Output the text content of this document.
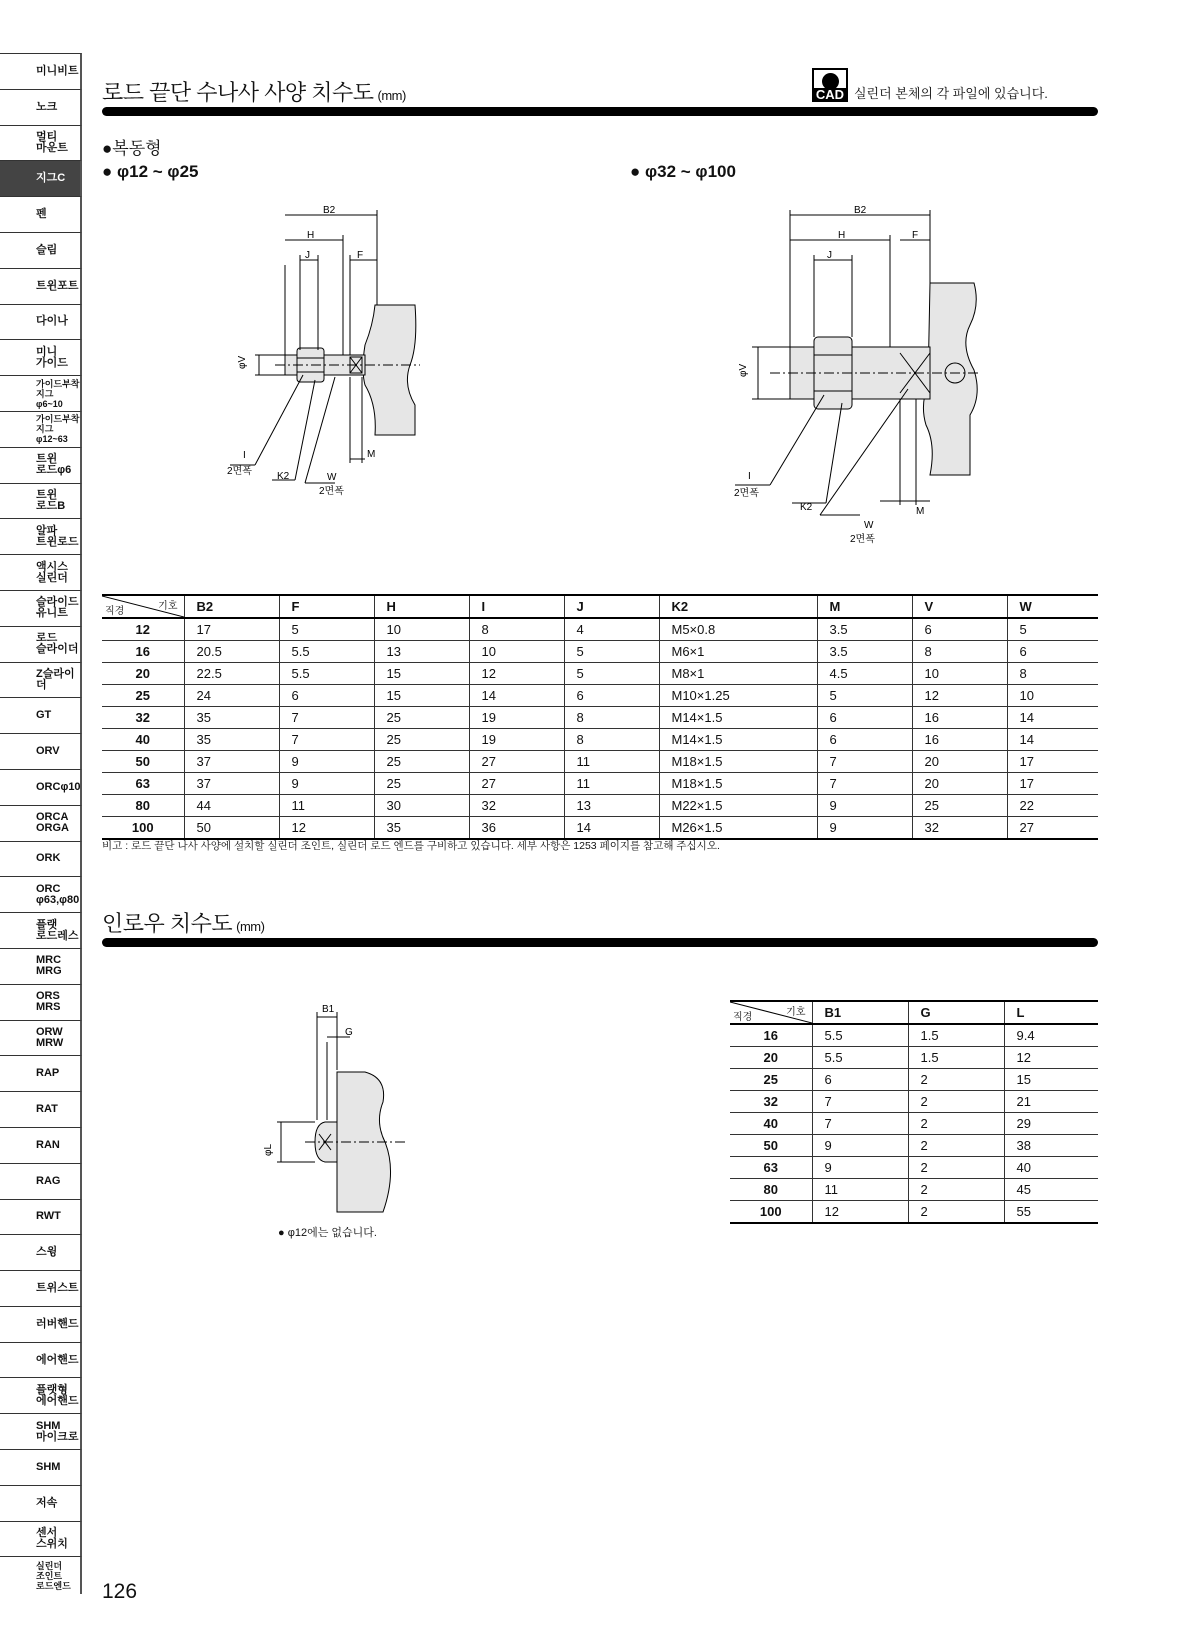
미니비트
노크
멀티
마운트
지그C
펜
슬림
트윈포트
다이나
미니
가이드
가이드부착지그
φ6~10
가이드부착지그
φ12~63
트윈
로드φ6
트윈
로드B
알파
트윈로드
액시스
실린더
슬라이드
유니트
로드
슬라이더
Z슬라이더
GT
ORV
ORCφ10
ORCA
ORGA
ORK
ORC
φ63,φ80
플랫
로드레스
MRC
MRG
ORS
MRS
ORW
MRW
RAP
RAT
RAN
RAG
RWT
스윙
트위스트
러버핸드
에어핸드
플랫형
에어핸드
SHM
마이크로
SHM
저속
센서
스위치
실린더
조인트
로드엔드
로드 끝단 수나사 사양 치수도 (mm)	CAD 실린더 본체의 각 파일에 있습니다.
●복동형
● φ12 ~ φ25	● φ32 ~ φ100
B2
H
J	F
φV
I
2면폭	K2	W
2면폭
M
B2
H
J
F
φV
I
2면폭
K2
W
2면폭
M
기호
직경	B2	F	H	I	J	K2	M	V	W
12	17	5	10	8	4	M5×0.8	3.5	6	5
16	20.5	5.5	13	10	5	M6×1	3.5	8	6
20	22.5	5.5	15	12	5	M8×1	4.5	10	8
25	24	6	15	14	6	M10×1.25	5	12	10
32	35	7	25	19	8	M14×1.5	6	16	14
40	35	7	25	19	8	M14×1.5	6	16	14
50	37	9	25	27	11	M18×1.5	7	20	17
63	37	9	25	27	11	M18×1.5	7	20	17
80	44	11	30	32	13	M22×1.5	9	25	22
100	50	12	35	36	14	M26×1.5	9	32	27
비고 : 로드 끝단 나사 사양에 설치할 실린더 조인트, 실린더 로드 엔드를 구비하고 있습니다. 세부 사항은 1253 페이지를 참고해 주십시오.
인로우 치수도 (mm)
B1
G
φL
● φ12에는 없습니다.
기호
직경	B1	G	L
16	5.5	1.5	9.4
20	5.5	1.5	12
25	6	2	15
32	7	2	21
40	7	2	29
50	9	2	38
63	9	2	40
80	11	2	45
100	12	2	55
126
